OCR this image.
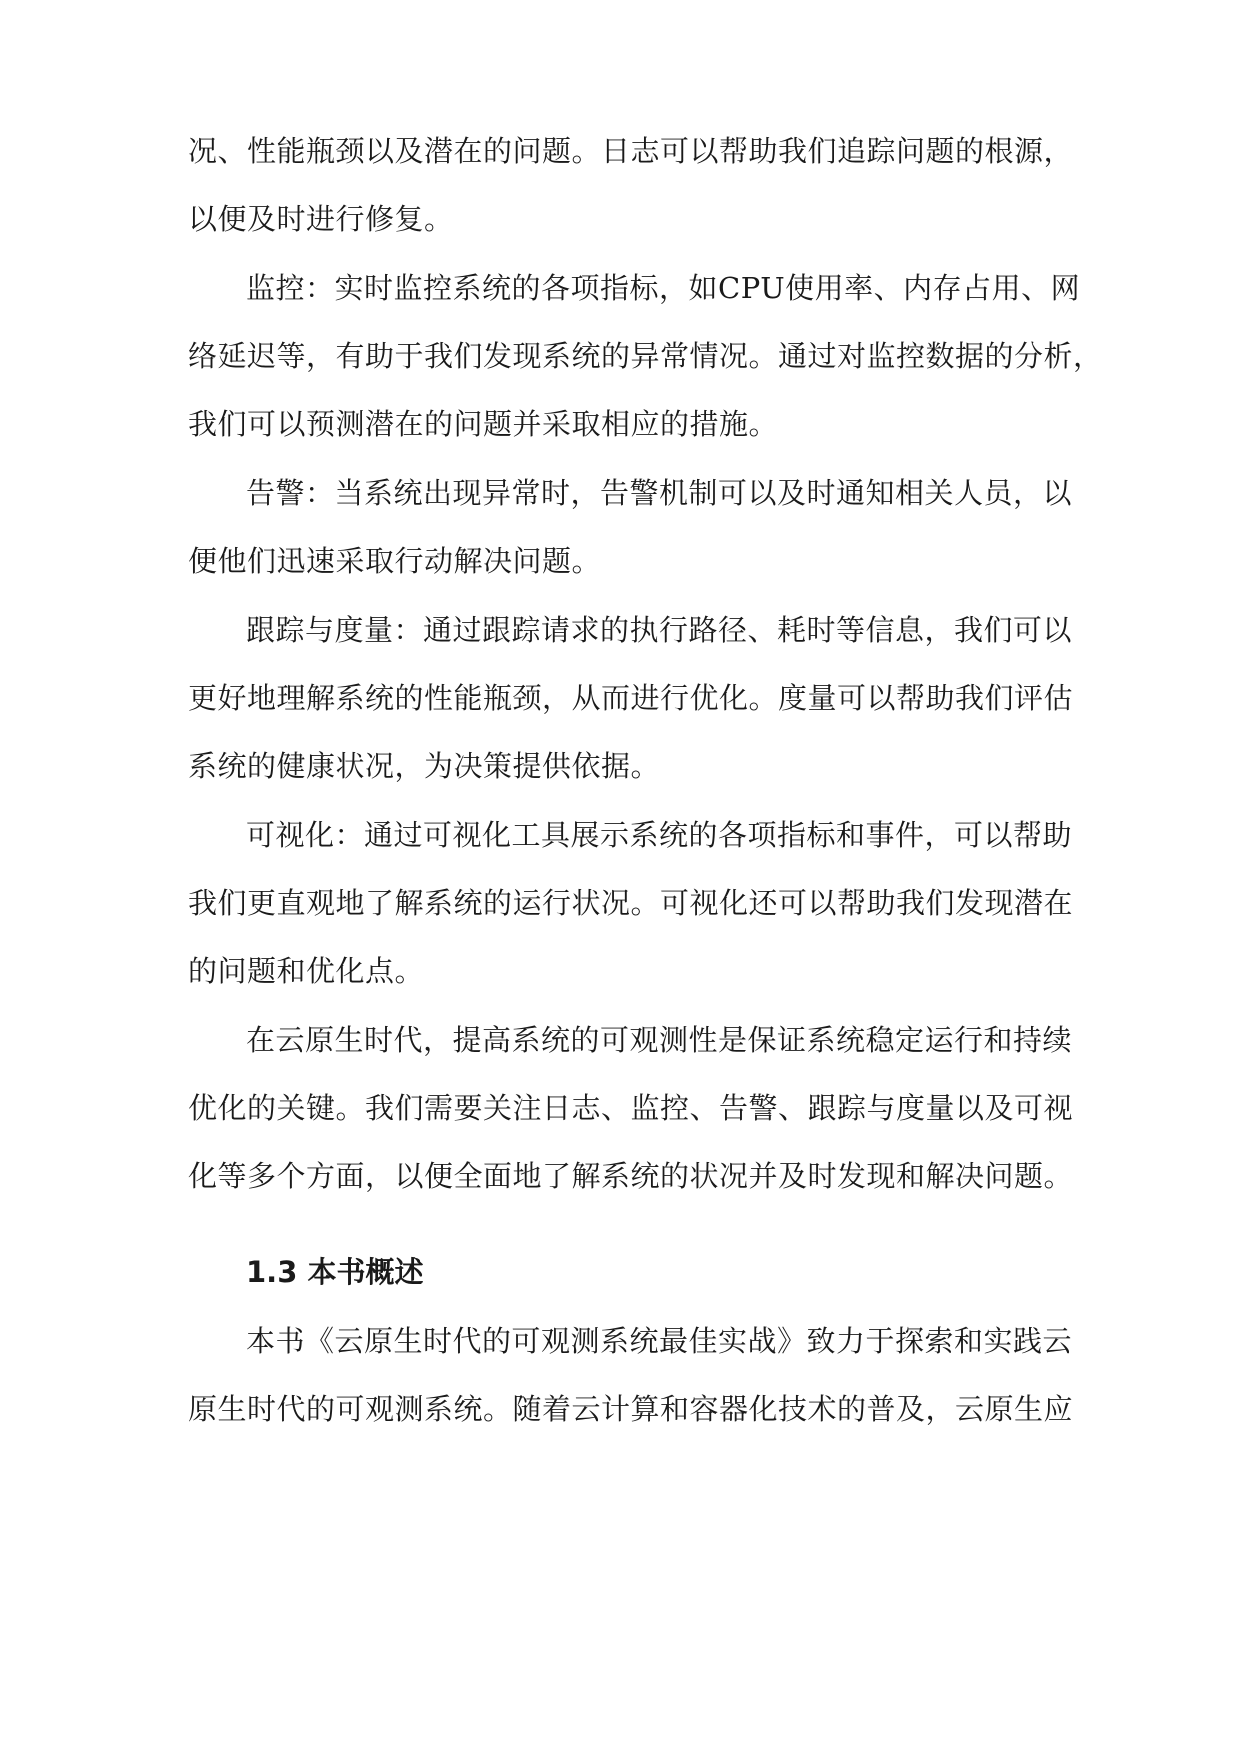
况、性能瓶颈以及潜在的问题。日志可以帮助我们追踪问题的根源，
以便及时进行修复。
监控：实时监控系统的各项指标，如CPU使用率、内存占用、网
络延迟等，有助于我们发现系统的异常情况。通过对监控数据的分析，
我们可以预测潜在的问题并采取相应的措施。
告警：当系统出现异常时，告警机制可以及时通知相关人员，以
便他们迅速采取行动解决问题。
跟踪与度量：通过跟踪请求的执行路径、耗时等信息，我们可以
更好地理解系统的性能瓶颈，从而进行优化。度量可以帮助我们评估
系统的健康状况，为决策提供依据。
可视化：通过可视化工具展示系统的各项指标和事件，可以帮助
我们更直观地了解系统的运行状况。可视化还可以帮助我们发现潜在
的问题和优化点。
在云原生时代，提高系统的可观测性是保证系统稳定运行和持续
优化的关键。我们需要关注日志、监控、告警、跟踪与度量以及可视
化等多个方面，以便全面地了解系统的状况并及时发现和解决问题。
1.3 本书概述
本书《云原生时代的可观测系统最佳实战》致力于探索和实践云
原生时代的可观测系统。随着云计算和容器化技术的普及，云原生应
